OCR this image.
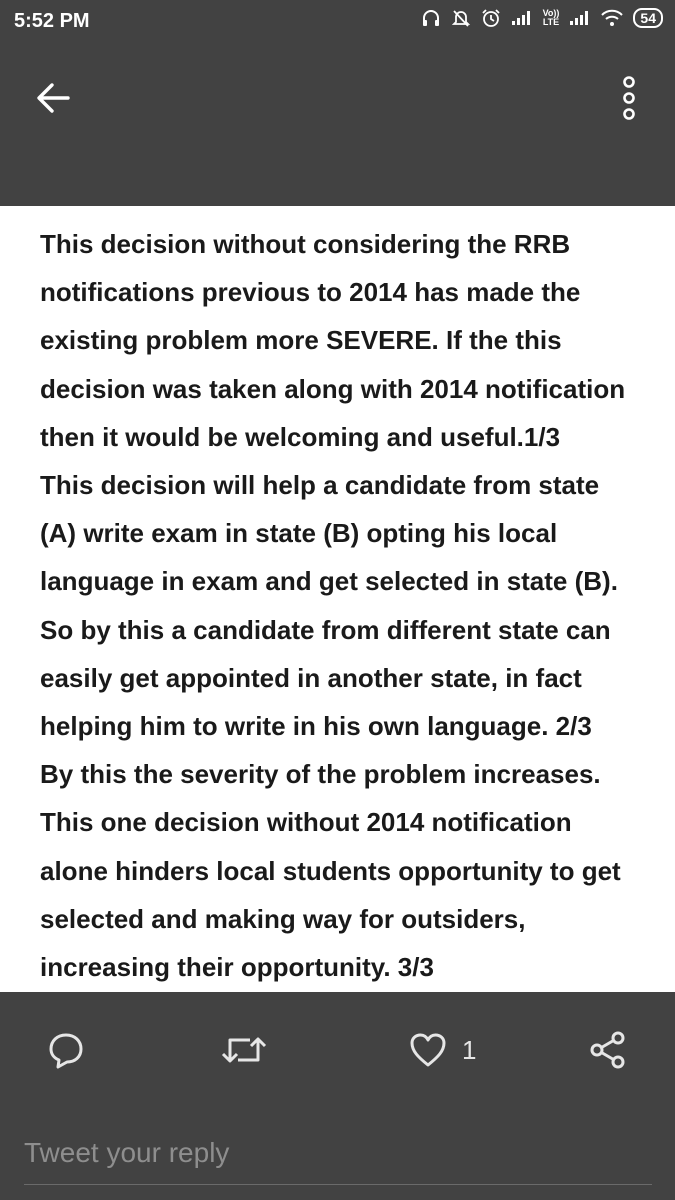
5:52 PM	Vo))
LTE	54

This decision without considering the RRB
notifications previous to 2014 has made the
existing problem more SEVERE. If the this
decision was taken along with 2014 notification
then it would be welcoming and useful.1/3
This decision will help a candidate from state
(A) write exam in state (B) opting his local
language in exam and get selected in state (B).
So by this a candidate from different state can
easily get appointed in another state, in fact
helping him to write in his own language. 2/3
By this the severity of the problem increases.
This one decision without 2014 notification
alone hinders local students opportunity to get
selected and making way for outsiders,
increasing their opportunity. 3/3

1
Tweet your reply
